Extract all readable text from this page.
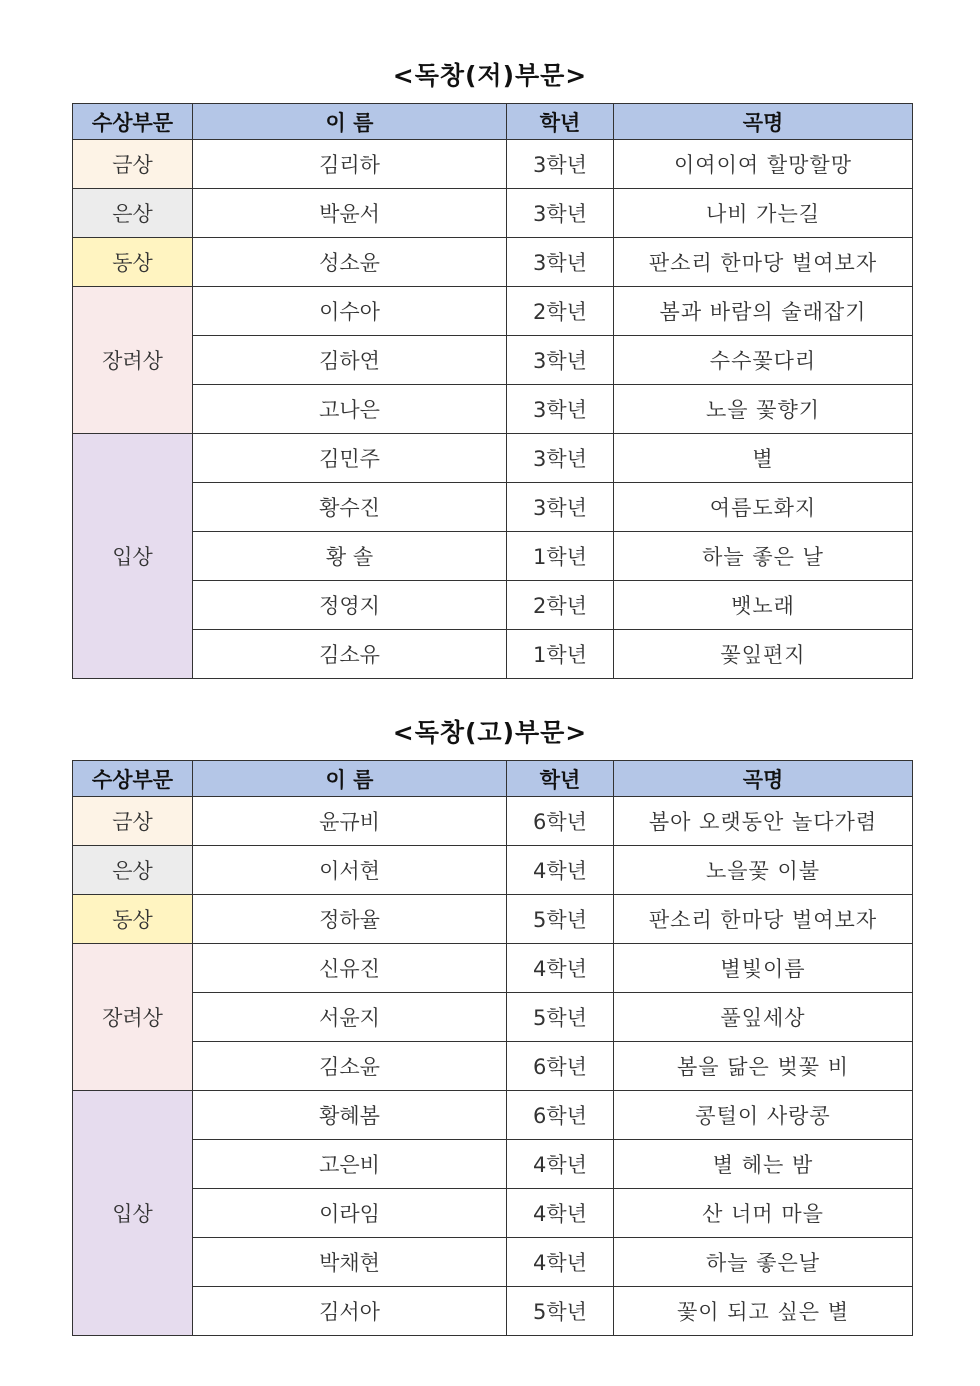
<독창(저)부문>
수상부문	이 름	학년	곡명
금상	김리하	3학년	이여이여 할망할망
은상	박윤서	3학년	나비 가는길
동상	성소윤	3학년	판소리 한마당 벌여보자
장려상	이수아	2학년	봄과 바람의 술래잡기
	김하연	3학년	수수꽃다리
	고나은	3학년	노을 꽃향기
입상	김민주	3학년	별
	황수진	3학년	여름도화지
	황 솔	1학년	하늘 좋은 날
	정영지	2학년	뱃노래
	김소유	1학년	꽃잎편지
<독창(고)부문>
수상부문	이 름	학년	곡명
금상	윤규비	6학년	봄아 오랫동안 놀다가렴
은상	이서현	4학년	노을꽃 이불
동상	정하율	5학년	판소리 한마당 벌여보자
장려상	신유진	4학년	별빛이름
	서윤지	5학년	풀잎세상
	김소윤	6학년	봄을 닮은 벚꽃 비
입상	황혜봄	6학년	콩털이 사랑콩
	고은비	4학년	별 헤는 밤
	이라임	4학년	산 너머 마을
	박채현	4학년	하늘 좋은날
	김서아	5학년	꽃이 되고 싶은 별
